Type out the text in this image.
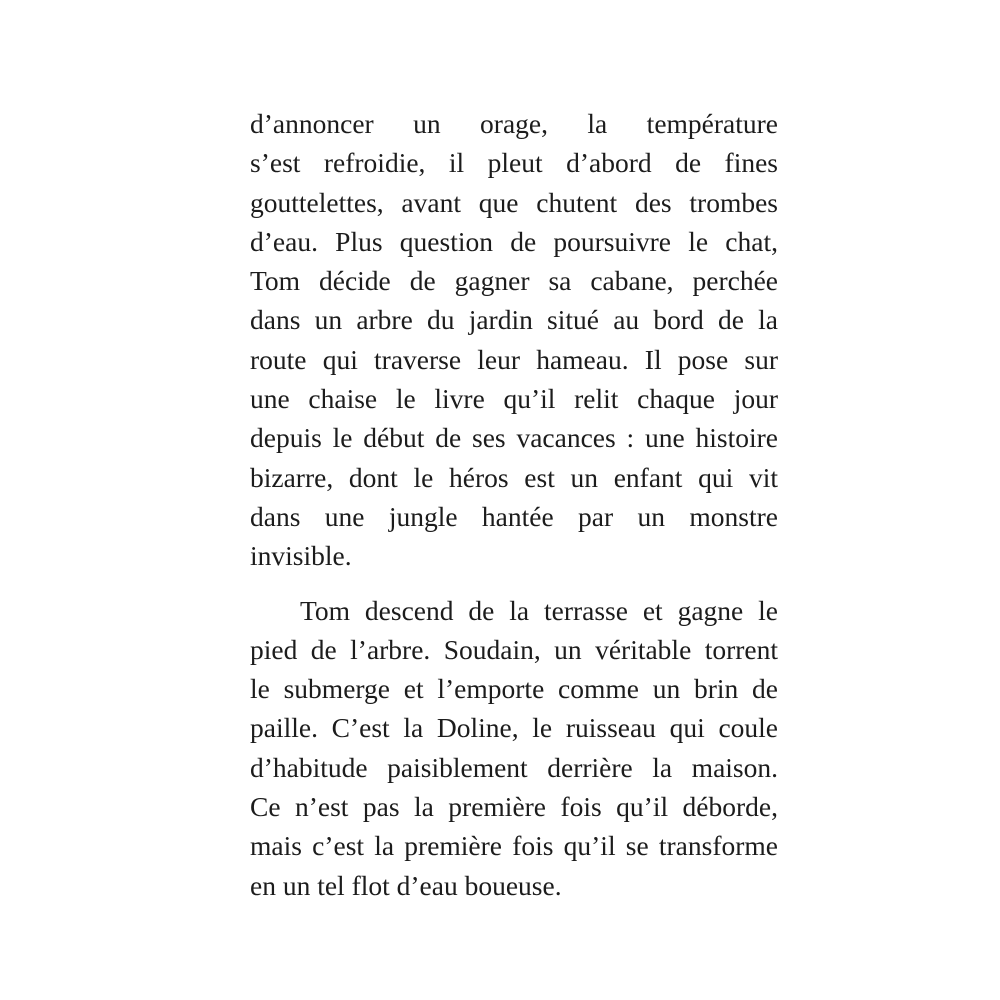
d’annoncer un orage, la température
s’est refroidie, il pleut d’abord de fines
gouttelettes, avant que chutent des trombes
d’eau. Plus question de poursuivre le chat,
Tom décide de gagner sa cabane, perchée
dans un arbre du jardin situé au bord de la
route qui traverse leur hameau. Il pose sur
une chaise le livre qu’il relit chaque jour
depuis le début de ses vacances : une histoire
bizarre, dont le héros est un enfant qui vit
dans une jungle hantée par un monstre
invisible.
Tom descend de la terrasse et gagne le
pied de l’arbre. Soudain, un véritable torrent
le submerge et l’emporte comme un brin de
paille. C’est la Doline, le ruisseau qui coule
d’habitude paisiblement derrière la maison.
Ce n’est pas la première fois qu’il déborde,
mais c’est la première fois qu’il se transforme
en un tel flot d’eau boueuse.
